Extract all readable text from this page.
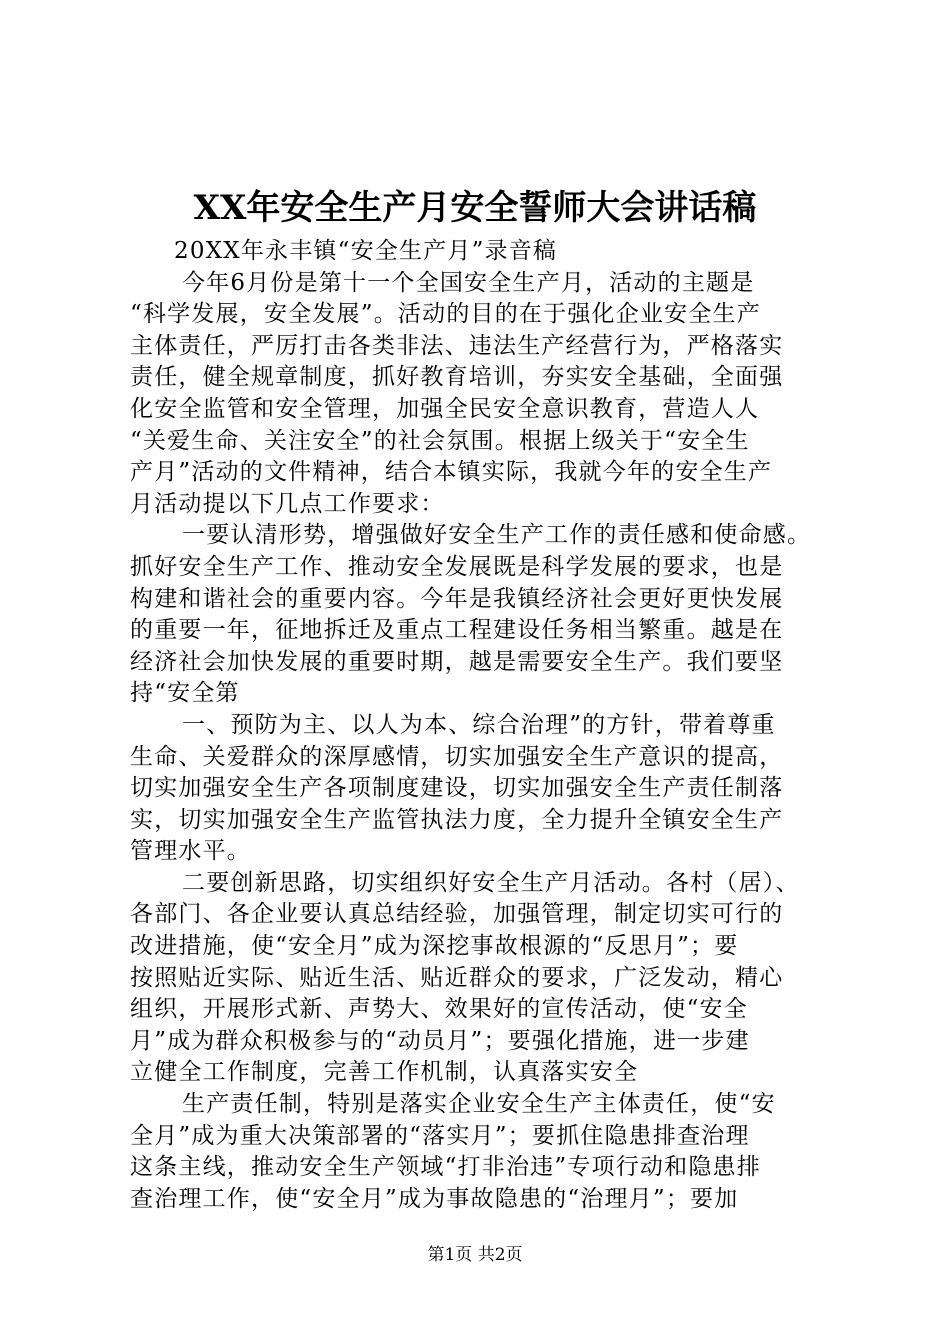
XX年安全生产月安全誓师大会讲话稿
20XX年永丰镇“安全生产月”录音稿
今年6月份是第十一个全国安全生产月，活动的主题是
“科学发展，安全发展”。活动的目的在于强化企业安全生产
主体责任，严厉打击各类非法、违法生产经营行为，严格落实
责任，健全规章制度，抓好教育培训，夯实安全基础，全面强
化安全监管和安全管理，加强全民安全意识教育，营造人人
“关爱生命、关注安全”的社会氛围。根据上级关于“安全生
产月”活动的文件精神，结合本镇实际，我就今年的安全生产
月活动提以下几点工作要求：
一要认清形势，增强做好安全生产工作的责任感和使命感。
抓好安全生产工作、推动安全发展既是科学发展的要求，也是
构建和谐社会的重要内容。今年是我镇经济社会更好更快发展
的重要一年，征地拆迁及重点工程建设任务相当繁重。越是在
经济社会加快发展的重要时期，越是需要安全生产。我们要坚
持“安全第
一、预防为主、以人为本、综合治理”的方针，带着尊重
生命、关爱群众的深厚感情，切实加强安全生产意识的提高，
切实加强安全生产各项制度建设，切实加强安全生产责任制落
实，切实加强安全生产监管执法力度，全力提升全镇安全生产
管理水平。
二要创新思路，切实组织好安全生产月活动。各村（居）、
各部门、各企业要认真总结经验，加强管理，制定切实可行的
改进措施，使“安全月”成为深挖事故根源的“反思月”；要
按照贴近实际、贴近生活、贴近群众的要求，广泛发动，精心
组织，开展形式新、声势大、效果好的宣传活动，使“安全
月”成为群众积极参与的“动员月”；要强化措施，进一步建
立健全工作制度，完善工作机制，认真落实安全
生产责任制，特别是落实企业安全生产主体责任，使“安
全月”成为重大决策部署的“落实月”；要抓住隐患排查治理
这条主线，推动安全生产领域“打非治违”专项行动和隐患排
查治理工作，使“安全月”成为事故隐患的“治理月”；要加
第1页 共2页
